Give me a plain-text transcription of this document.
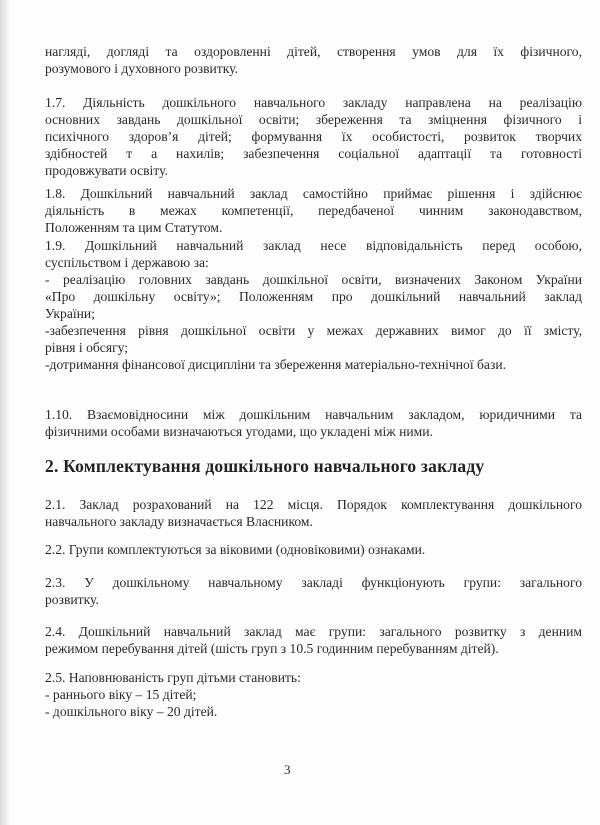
нагляді, догляді та оздоровленні дітей, створення умов для їх фізичного,
розумового і духовного розвитку.
1.7. Діяльність дошкільного навчального закладу направлена на реалізацію
основних завдань дошкільної освіти; збереження та зміцнення фізичного і
психічного здоров’я дітей; формування їх особистості, розвиток творчих
здібностей т а нахилів; забезпечення соціальної адаптації та готовності
продовжувати освіту.
1.8. Дошкільний навчальний заклад самостійно приймає рішення і здійснює
діяльність в межах компетенції, передбаченої чинним законодавством,
Положенням та цим Статутом.
1.9. Дошкільний навчальний заклад несе відповідальність перед особою,
суспільством і державою за:
- реалізацію головних завдань дошкільної освіти, визначених Законом України
«Про дошкільну освіту»; Положенням про дошкільний навчальний заклад
України;
-забезпечення рівня дошкільної освіти у межах державних вимог до її змісту,
рівня і обсягу;
-дотримання фінансової дисципліни та збереження матеріально-технічної бази.
1.10. Взаємовідносини між дошкільним навчальним закладом, юридичними та
фізичними особами визначаються угодами, що укладені між ними.
2. Комплектування дошкільного навчального закладу
2.1. Заклад розрахований на 122 місця. Порядок комплектування дошкільного
навчального закладу визначається Власником.
2.2. Групи комплектуються за віковими (одновіковими) ознаками.
2.3. У дошкільному навчальному закладі функціонують групи: загального
розвитку.
2.4. Дошкільний навчальний заклад має групи: загального розвитку з денним
режимом перебування дітей (шість груп з 10.5 годинним перебуванням дітей).
2.5. Наповнюваність груп дітьми становить:
- раннього віку – 15 дітей;
- дошкільного віку – 20 дітей.
3
